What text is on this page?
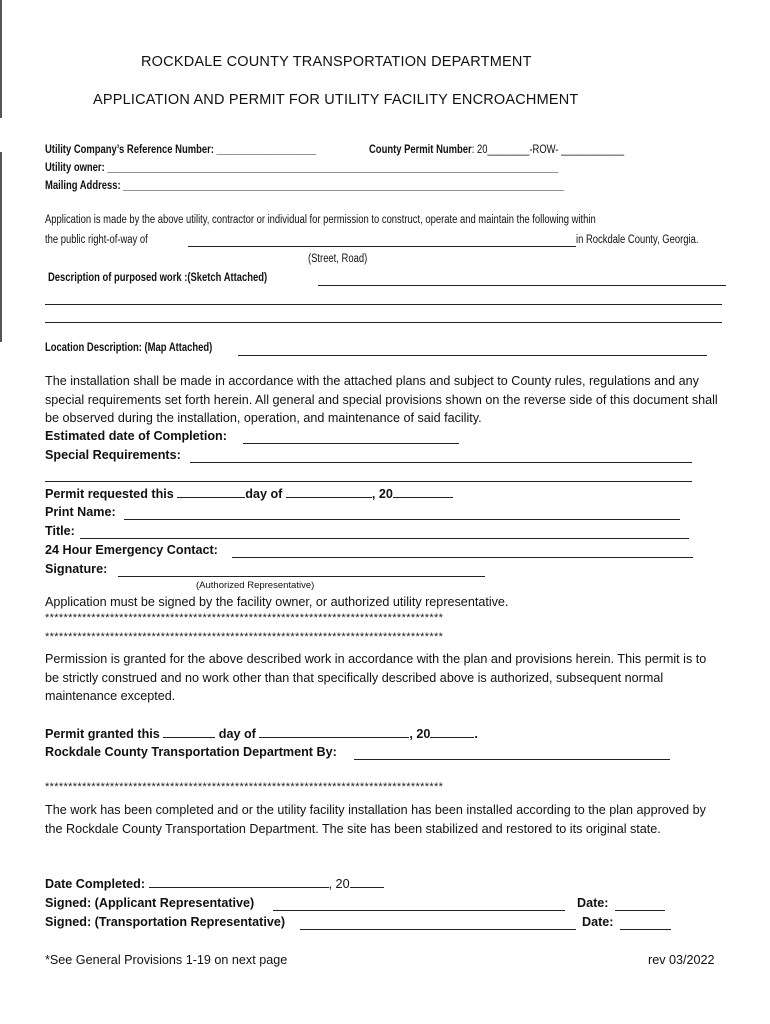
ROCKDALE COUNTY TRANSPORTATION DEPARTMENT
APPLICATION AND PERMIT FOR UTILITY FACILITY ENCROACHMENT
Utility Company’s Reference Number: ___________________	County Permit Number: 20________-ROW- ____________
Utility owner: ______________________________________________________________________________________
Mailing Address: ____________________________________________________________________________________
Application is made by the above utility, contractor or individual for permission to construct, operate and maintain the following within
the public right-of-way of	in Rockdale County, Georgia.
(Street, Road)
Description of purposed work :(Sketch Attached)
Location Description: (Map Attached)
The installation shall be made in accordance with the attached plans and subject to County rules, regulations and any special requirements set forth herein. All general and special provisions shown on the reverse side of this document shall be observed during the installation, operation, and maintenance of said facility.
Estimated date of Completion:
Special Requirements:
Permit requested this	day of	, 20
Print Name:
Title:
24 Hour Emergency Contact:
Signature:
(Authorized Representative)
Application must be signed by the facility owner, or authorized utility representative.
**************************************************************************************
**************************************************************************************
Permission is granted for the above described work in accordance with the plan and provisions herein. This permit is to be strictly construed and no work other than that specifically described above is authorized, subsequent normal maintenance excepted.
Permit granted this	day of	, 20	.
Rockdale County Transportation Department By:
**************************************************************************************
The work has been completed and or the utility facility installation has been installed according to the plan approved by the Rockdale County Transportation Department. The site has been stabilized and restored to its original state.
Date Completed:	, 20
Signed: (Applicant Representative)	Date:
Signed: (Transportation Representative)	Date:
*See General Provisions 1-19 on next page	rev 03/2022
